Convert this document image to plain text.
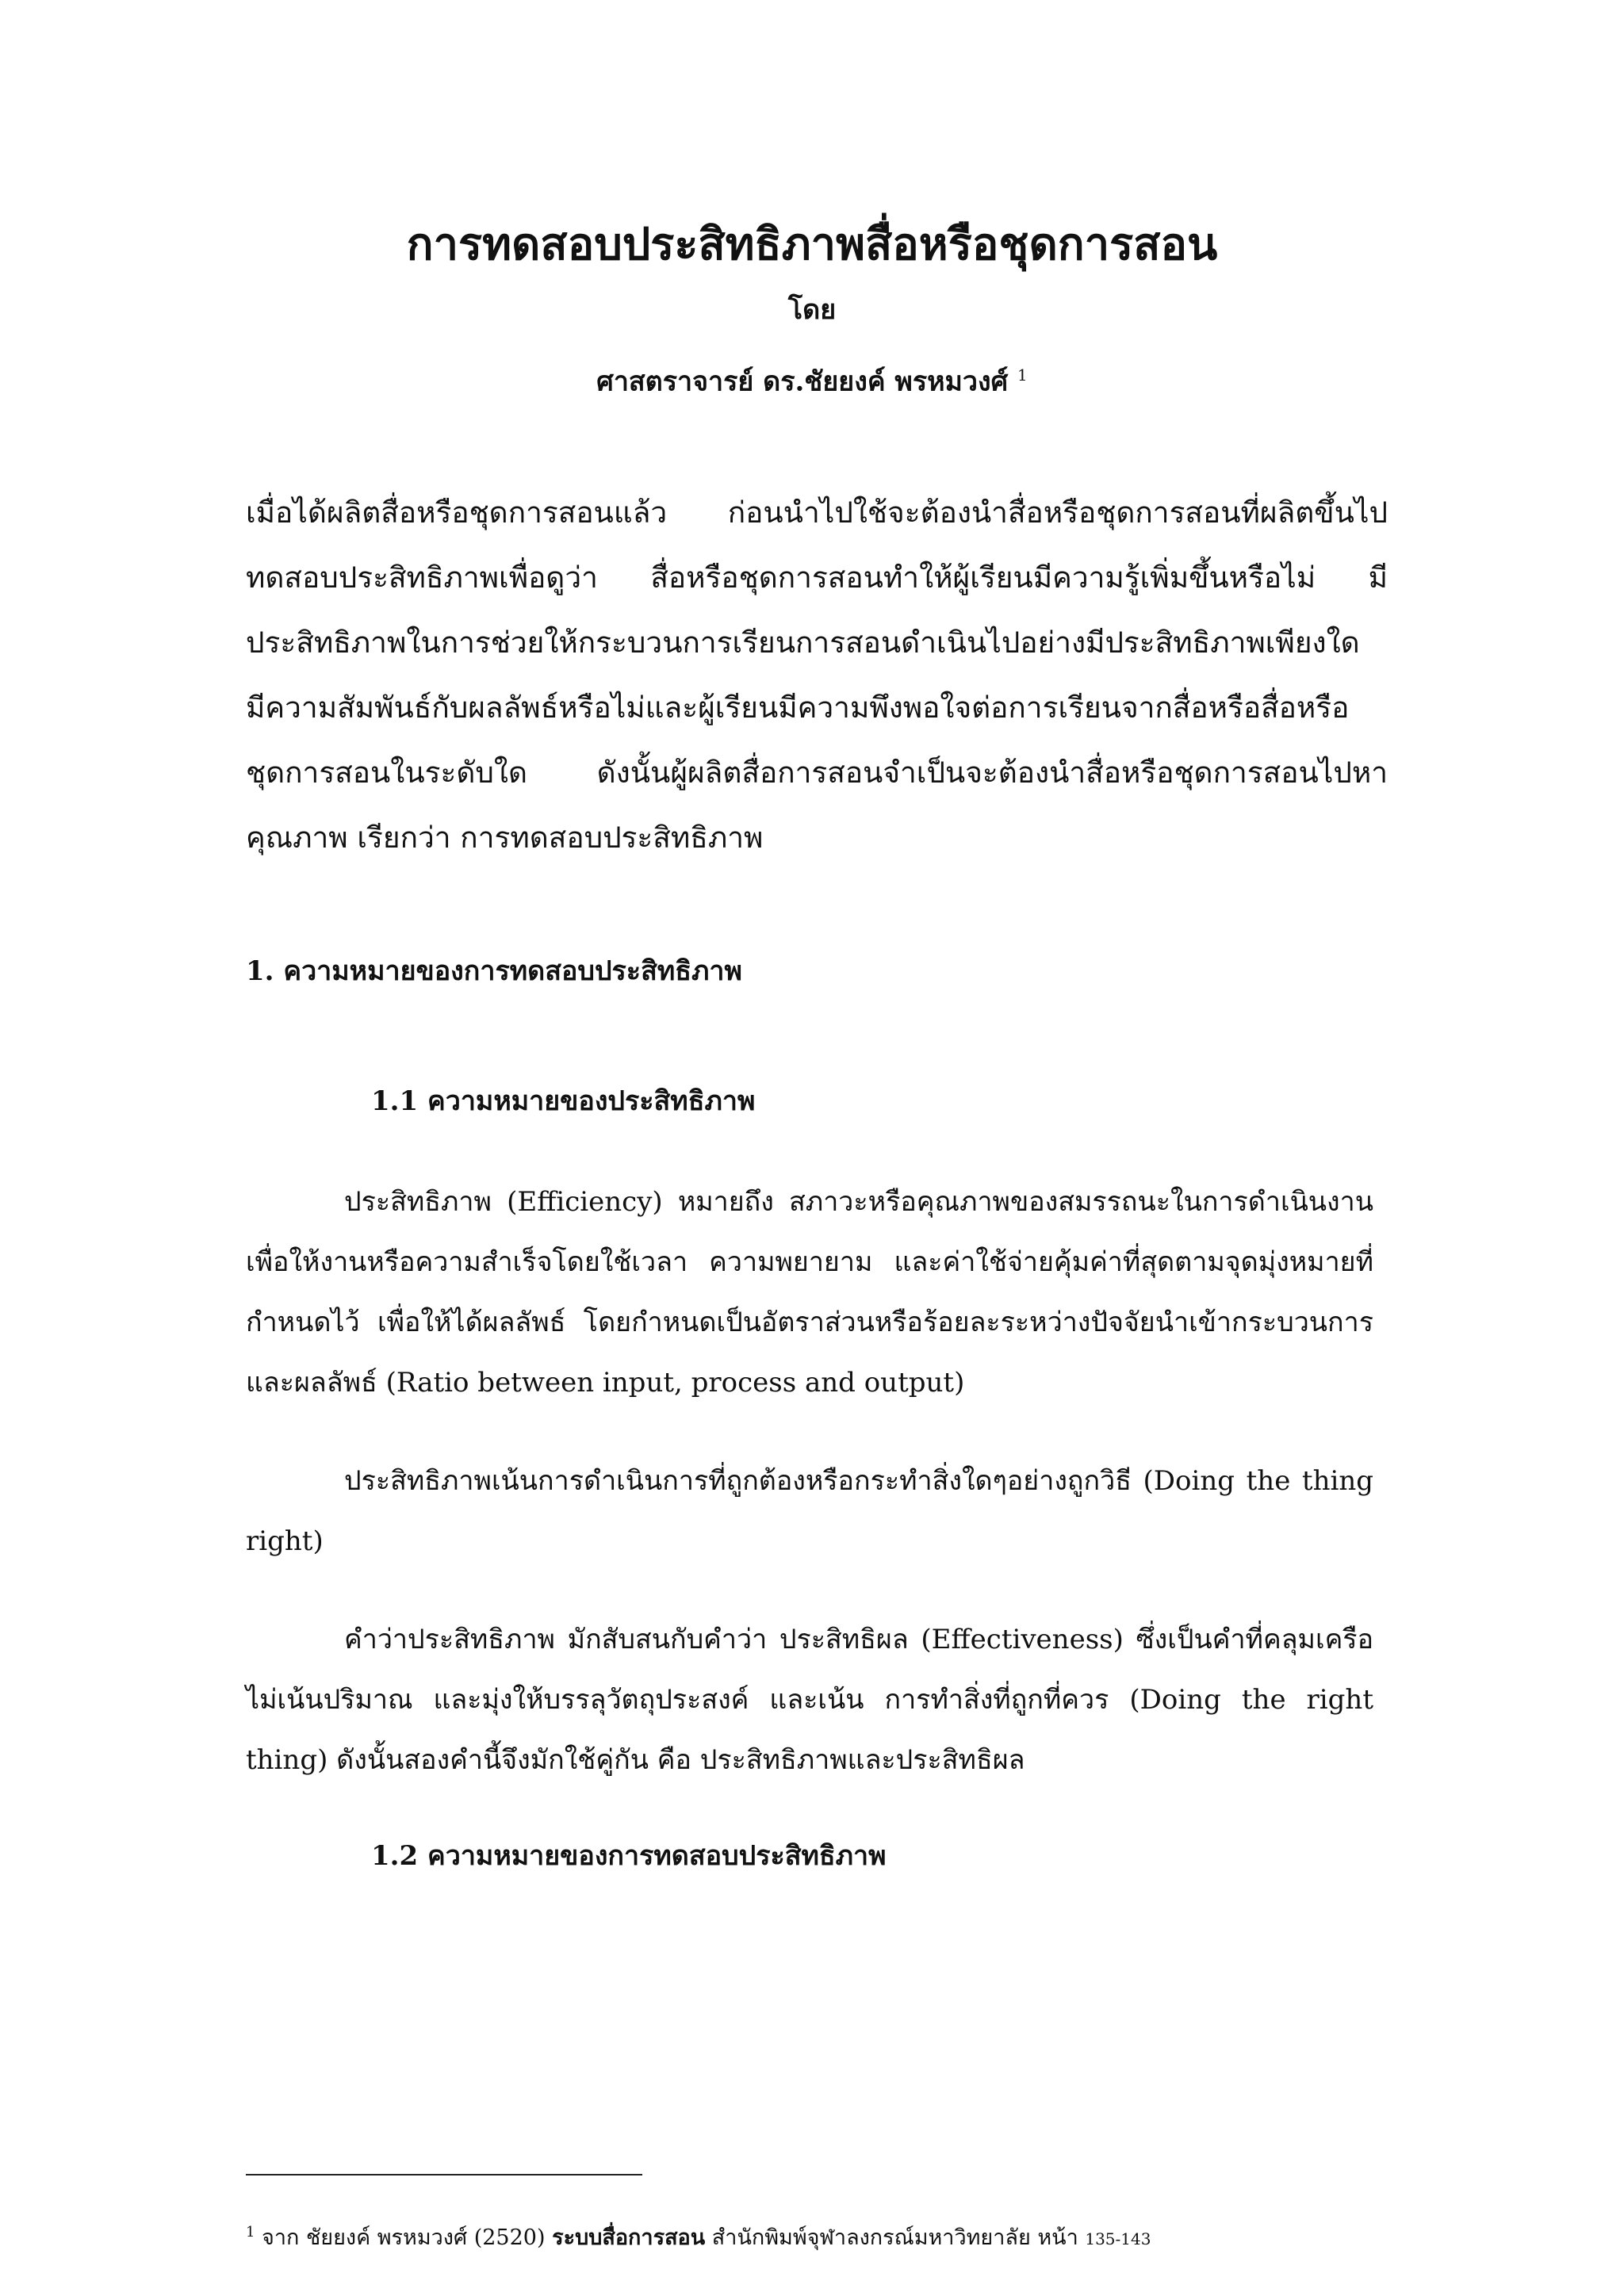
การทดสอบประสิทธิภาพสื่อหรือชุดการสอน
โดย
ศาสตราจารย์ ดร.ชัยยงค์ พรหมวงศ์ $^1$
เมื่อได้ผลิตสื่อหรือชุดการสอนแล้ว ก่อนนำไปใช้จะต้องนำสื่อหรือชุดการสอนที่ผลิตขึ้นไปทดสอบประสิทธิภาพเพื่อดูว่า สื่อหรือชุดการสอนทำให้ผู้เรียนมีความรู้เพิ่มขึ้นหรือไม่ มีประสิทธิภาพในการช่วยให้กระบวนการเรียนการสอนดำเนินไปอย่างมีประสิทธิภาพเพียงใด มีความสัมพันธ์กับผลลัพธ์หรือไม่และผู้เรียนมีความพึงพอใจต่อการเรียนจากสื่อหรือสื่อหรือชุดการสอนในระดับใด ดังนั้นผู้ผลิตสื่อการสอนจำเป็นจะต้องนำสื่อหรือชุดการสอนไปหาคุณภาพ เรียกว่า การทดสอบประสิทธิภาพ
1. ความหมายของการทดสอบประสิทธิภาพ
1.1 ความหมายของประสิทธิภาพ
ประสิทธิภาพ (Efficiency) หมายถึง สภาวะหรือคุณภาพของสมรรถนะในการดำเนินงานเพื่อให้งานหรือความสำเร็จโดยใช้เวลา ความพยายาม และค่าใช้จ่ายคุ้มค่าที่สุดตามจุดมุ่งหมายที่กำหนดไว้ เพื่อให้ได้ผลลัพธ์ โดยกำหนดเป็นอัตราส่วนหรือร้อยละระหว่างปัจจัยนำเข้ากระบวนการและผลลัพธ์ (Ratio between input, process and output)
ประสิทธิภาพเน้นการดำเนินการที่ถูกต้องหรือกระทำสิ่งใดๆอย่างถูกวิธี (Doing the thing right)
คำว่าประสิทธิภาพ มักสับสนกับคำว่า ประสิทธิผล (Effectiveness) ซึ่งเป็นคำที่คลุมเครือไม่เน้นปริมาณ และมุ่งให้บรรลุวัตถุประสงค์ และเน้น การทำสิ่งที่ถูกที่ควร (Doing the right thing) ดังนั้นสองคำนี้จึงมักใช้คู่กัน คือ ประสิทธิภาพและประสิทธิผล
1.2 ความหมายของการทดสอบประสิทธิภาพ
$^1$ จาก ชัยยงค์ พรหมวงศ์ (2520) ระบบสื่อการสอน สำนักพิมพ์จุฬาลงกรณ์มหาวิทยาลัย หน้า 135-143
